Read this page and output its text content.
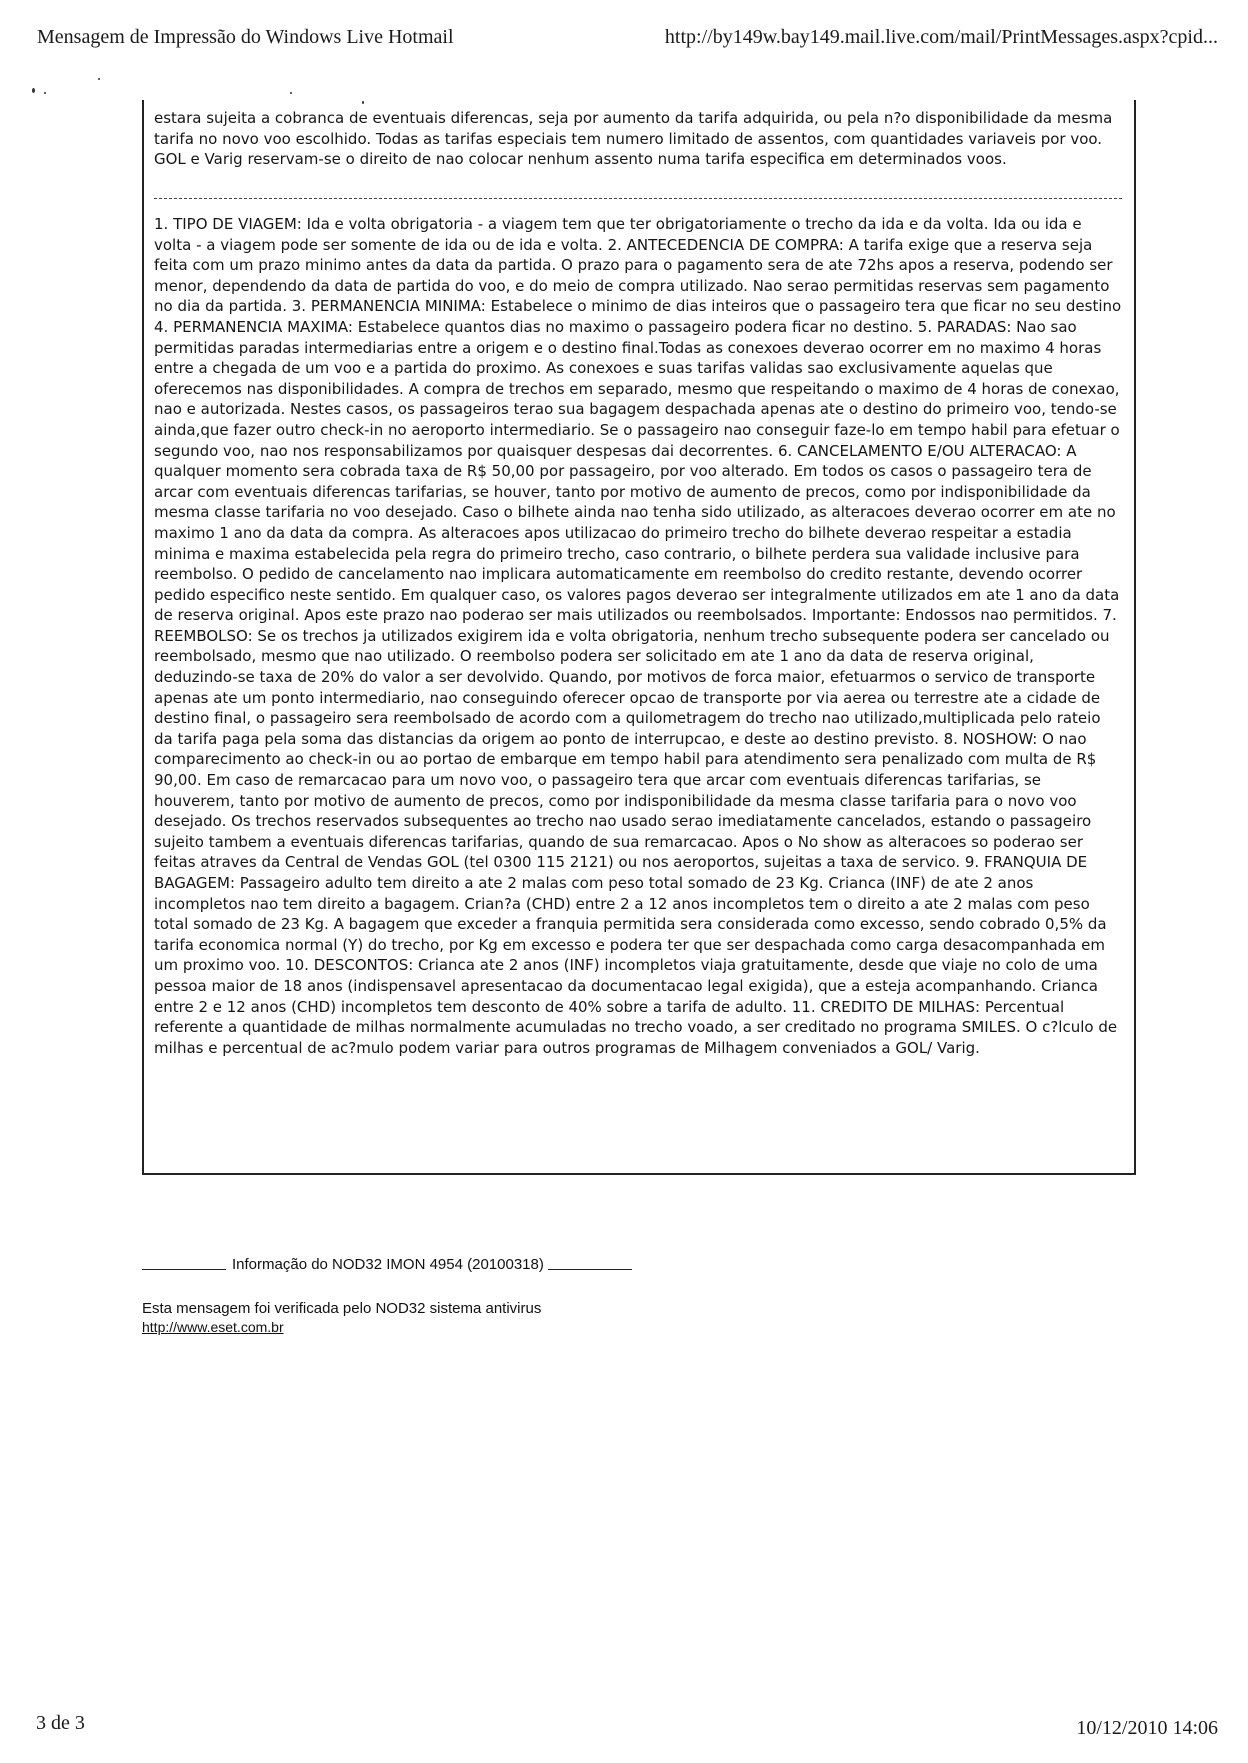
Mensagem de Impressão do Windows Live Hotmail	http://by149w.bay149.mail.live.com/mail/PrintMessages.aspx?cpid...
estara sujeita a cobranca de eventuais diferencas, seja por aumento da tarifa adquirida, ou pela n?o disponibilidade da mesma tarifa no novo voo escolhido. Todas as tarifas especiais tem numero limitado de assentos, com quantidades variaveis por voo. GOL e Varig reservam-se o direito de nao colocar nenhum assento numa tarifa especifica em determinados voos.
1. TIPO DE VIAGEM: Ida e volta obrigatoria - a viagem tem que ter obrigatoriamente o trecho da ida e da volta. Ida ou ida e volta - a viagem pode ser somente de ida ou de ida e volta. 2. ANTECEDENCIA DE COMPRA: A tarifa exige que a reserva seja feita com um prazo minimo antes da data da partida. O prazo para o pagamento sera de ate 72hs apos a reserva, podendo ser menor, dependendo da data de partida do voo, e do meio de compra utilizado. Nao serao permitidas reservas sem pagamento no dia da partida. 3. PERMANENCIA MINIMA: Estabelece o minimo de dias inteiros que o passageiro tera que ficar no seu destino 4. PERMANENCIA MAXIMA: Estabelece quantos dias no maximo o passageiro podera ficar no destino. 5. PARADAS: Nao sao permitidas paradas intermediarias entre a origem e o destino final.Todas as conexoes deverao ocorrer em no maximo 4 horas entre a chegada de um voo e a partida do proximo. As conexoes e suas tarifas validas sao exclusivamente aquelas que oferecemos nas disponibilidades. A compra de trechos em separado, mesmo que respeitando o maximo de 4 horas de conexao, nao e autorizada. Nestes casos, os passageiros terao sua bagagem despachada apenas ate o destino do primeiro voo, tendo-se ainda,que fazer outro check-in no aeroporto intermediario. Se o passageiro nao conseguir faze-lo em tempo habil para efetuar o segundo voo, nao nos responsabilizamos por quaisquer despesas dai decorrentes. 6. CANCELAMENTO E/OU ALTERACAO: A qualquer momento sera cobrada taxa de R$ 50,00 por passageiro, por voo alterado. Em todos os casos o passageiro tera de arcar com eventuais diferencas tarifarias, se houver, tanto por motivo de aumento de precos, como por indisponibilidade da mesma classe tarifaria no voo desejado. Caso o bilhete ainda nao tenha sido utilizado, as alteracoes deverao ocorrer em ate no maximo 1 ano da data da compra. As alteracoes apos utilizacao do primeiro trecho do bilhete deverao respeitar a estadia minima e maxima estabelecida pela regra do primeiro trecho, caso contrario, o bilhete perdera sua validade inclusive para reembolso. O pedido de cancelamento nao implicara automaticamente em reembolso do credito restante, devendo ocorrer pedido especifico neste sentido. Em qualquer caso, os valores pagos deverao ser integralmente utilizados em ate 1 ano da data de reserva original. Apos este prazo nao poderao ser mais utilizados ou reembolsados. Importante: Endossos nao permitidos. 7. REEMBOLSO: Se os trechos ja utilizados exigirem ida e volta obrigatoria, nenhum trecho subsequente podera ser cancelado ou reembolsado, mesmo que nao utilizado. O reembolso podera ser solicitado em ate 1 ano da data de reserva original, deduzindo-se taxa de 20% do valor a ser devolvido. Quando, por motivos de forca maior, efetuarmos o servico de transporte apenas ate um ponto intermediario, nao conseguindo oferecer opcao de transporte por via aerea ou terrestre ate a cidade de destino final, o passageiro sera reembolsado de acordo com a quilometragem do trecho nao utilizado,multiplicada pelo rateio da tarifa paga pela soma das distancias da origem ao ponto de interrupcao, e deste ao destino previsto. 8. NOSHOW: O nao comparecimento ao check-in ou ao portao de embarque em tempo habil para atendimento sera penalizado com multa de R$ 90,00. Em caso de remarcacao para um novo voo, o passageiro tera que arcar com eventuais diferencas tarifarias, se houverem, tanto por motivo de aumento de precos, como por indisponibilidade da mesma classe tarifaria para o novo voo desejado. Os trechos reservados subsequentes ao trecho nao usado serao imediatamente cancelados, estando o passageiro sujeito tambem a eventuais diferencas tarifarias, quando de sua remarcacao. Apos o No show as alteracoes so poderao ser feitas atraves da Central de Vendas GOL (tel 0300 115 2121) ou nos aeroportos, sujeitas a taxa de servico. 9. FRANQUIA DE BAGAGEM: Passageiro adulto tem direito a ate 2 malas com peso total somado de 23 Kg. Crianca (INF) de ate 2 anos incompletos nao tem direito a bagagem. Crian?a (CHD) entre 2 a 12 anos incompletos tem o direito a ate 2 malas com peso total somado de 23 Kg. A bagagem que exceder a franquia permitida sera considerada como excesso, sendo cobrado 0,5% da tarifa economica normal (Y) do trecho, por Kg em excesso e podera ter que ser despachada como carga desacompanhada em um proximo voo. 10. DESCONTOS: Crianca ate 2 anos (INF) incompletos viaja gratuitamente, desde que viaje no colo de uma pessoa maior de 18 anos (indispensavel apresentacao da documentacao legal exigida), que a esteja acompanhando. Crianca entre 2 e 12 anos (CHD) incompletos tem desconto de 40% sobre a tarifa de adulto. 11. CREDITO DE MILHAS: Percentual referente a quantidade de milhas normalmente acumuladas no trecho voado, a ser creditado no programa SMILES. O c?lculo de milhas e percentual de ac?mulo podem variar para outros programas de Milhagem conveniados a GOL/ Varig.
Informação do NOD32 IMON 4954 (20100318)
Esta mensagem foi verificada pelo NOD32 sistema antivirus
http://www.eset.com.br
3 de 3	10/12/2010 14:06
